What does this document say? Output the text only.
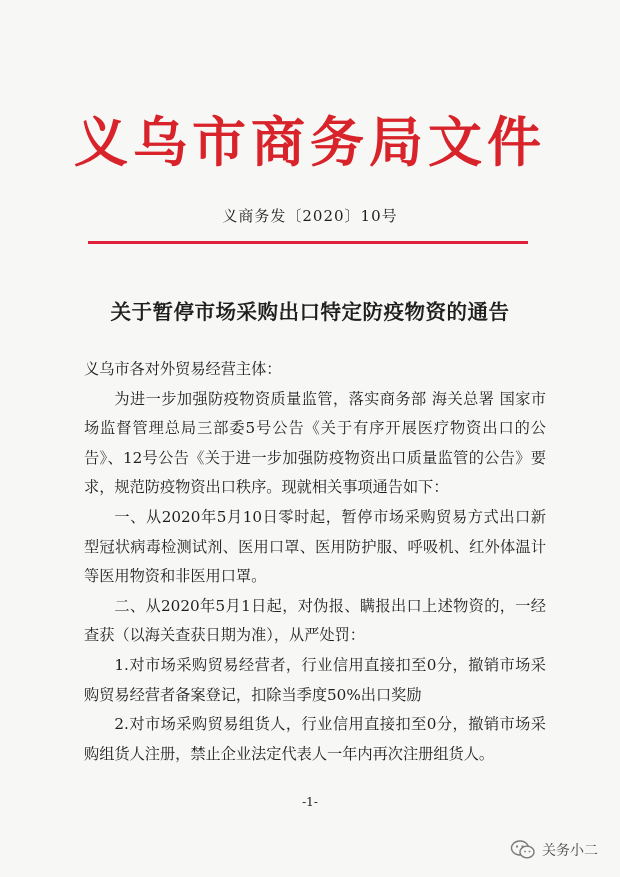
义乌市商务局文件
义商务发〔2020〕10号
关于暂停市场采购出口特定防疫物资的通告

义乌市各对外贸易经营主体：

为进一步加强防疫物资质量监管，落实商务部 海关总署 国家市场监督管理总局三部委5号公告《关于有序开展医疗物资出口的公告》、12号公告《关于进一步加强防疫物资出口质量监管的公告》要求，规范防疫物资出口秩序。现就相关事项通告如下：

一、从2020年5月10日零时起，暂停市场采购贸易方式出口新型冠状病毒检测试剂、医用口罩、医用防护服、呼吸机、红外体温计等医用物资和非医用口罩。

二、从2020年5月1日起，对伪报、瞒报出口上述物资的，一经查获（以海关查获日期为准），从严处罚：

1.对市场采购贸易经营者，行业信用直接扣至0分，撤销市场采购贸易经营者备案登记，扣除当季度50%出口奖励

2.对市场采购贸易组货人，行业信用直接扣至0分，撤销市场采购组货人注册，禁止企业法定代表人一年内再次注册组货人。

-1-
关务小二
